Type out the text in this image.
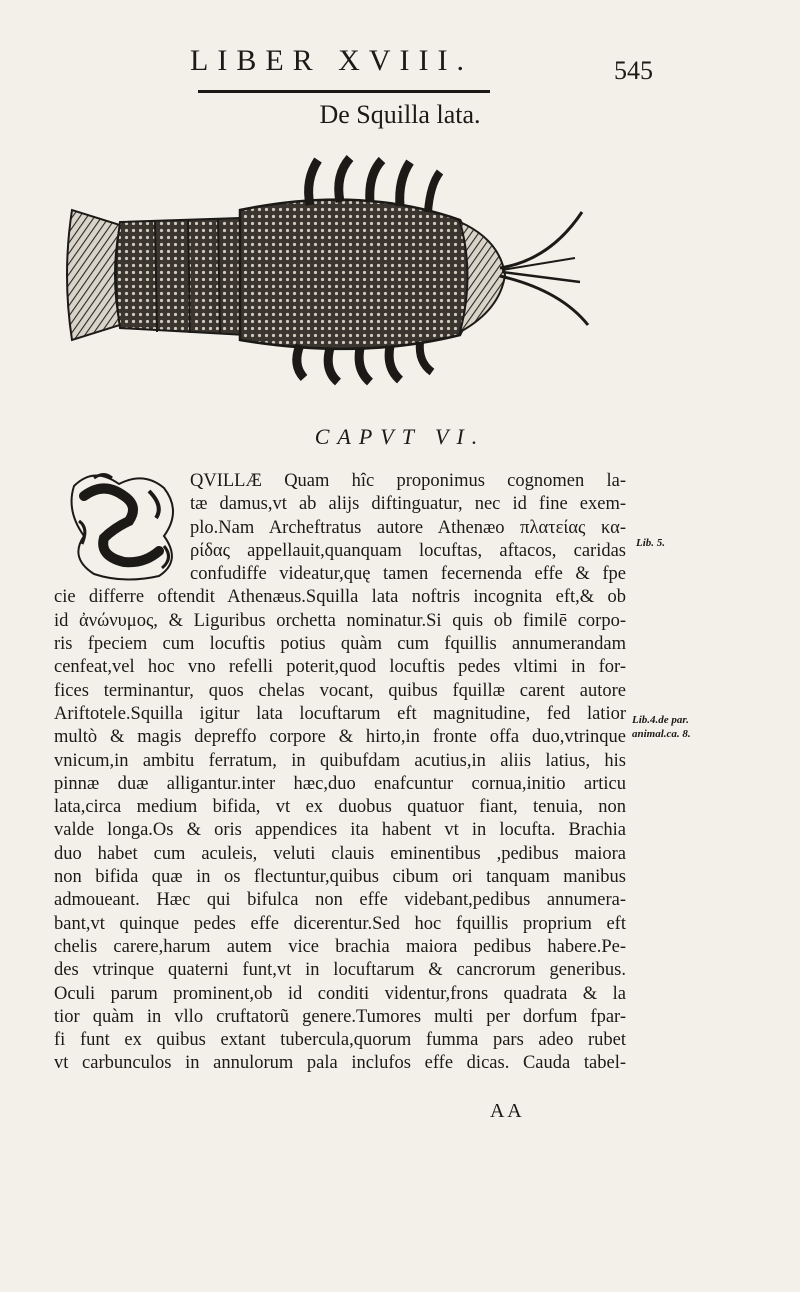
LIBER XVIII.	545
De Squilla lata.
CAPVT VI.
QVILLÆ Quam hîc proponimus cognomen la-
tæ damus,vt ab alijs diftinguatur, nec id fine exem-
plo.Nam Archeftratus autore Athenæo πλατείας κα-
ρίδας appellauit,quanquam locuftas, aftacos, caridas
confudiffe videatur,quę tamen fecernenda effe & fpe
cie differre oftendit Athenæus.Squilla lata noftris incognita eft,& ob
id ἀνώνυμος, & Liguribus orchetta nominatur.Si quis ob fimilē corpo-
ris fpeciem cum locuftis potius quàm cum fquillis annumerandam
cenfeat,vel hoc vno refelli poterit,quod locuftis pedes vltimi in for-
fices terminantur, quos chelas vocant, quibus fquillæ carent autore
Ariftotele.Squilla igitur lata locuftarum eft magnitudine, fed latior
multò & magis depreffo corpore & hirto,in fronte offa duo,vtrinque
vnicum,in ambitu ferratum, in quibufdam acutius,in aliis latius, his
pinnæ duæ alligantur.inter hæc,duo enafcuntur cornua,initio articu
lata,circa medium bifida, vt ex duobus quatuor fiant, tenuia, non
valde longa.Os & oris appendices ita habent vt in locufta. Brachia
duo habet cum aculeis, veluti clauis eminentibus ,pedibus maiora
non bifida quæ in os flectuntur,quibus cibum ori tanquam manibus
admoueant. Hæc qui bifulca non effe videbant,pedibus annumera-
bant,vt quinque pedes effe dicerentur.Sed hoc fquillis proprium eft
chelis carere,harum autem vice brachia maiora pedibus habere.Pe-
des vtrinque quaterni funt,vt in locuftarum & cancrorum generibus.
Oculi parum prominent,ob id conditi videntur,frons quadrata & la
tior quàm in vllo cruftatorũ genere.Tumores multi per dorfum fpar-
fi funt ex quibus extant tubercula,quorum fumma pars adeo rubet
vt carbunculos in annulorum pala inclufos effe dicas. Cauda tabel-
Lib. 5.
Lib.4.de par.
animal.ca. 8.
A A
